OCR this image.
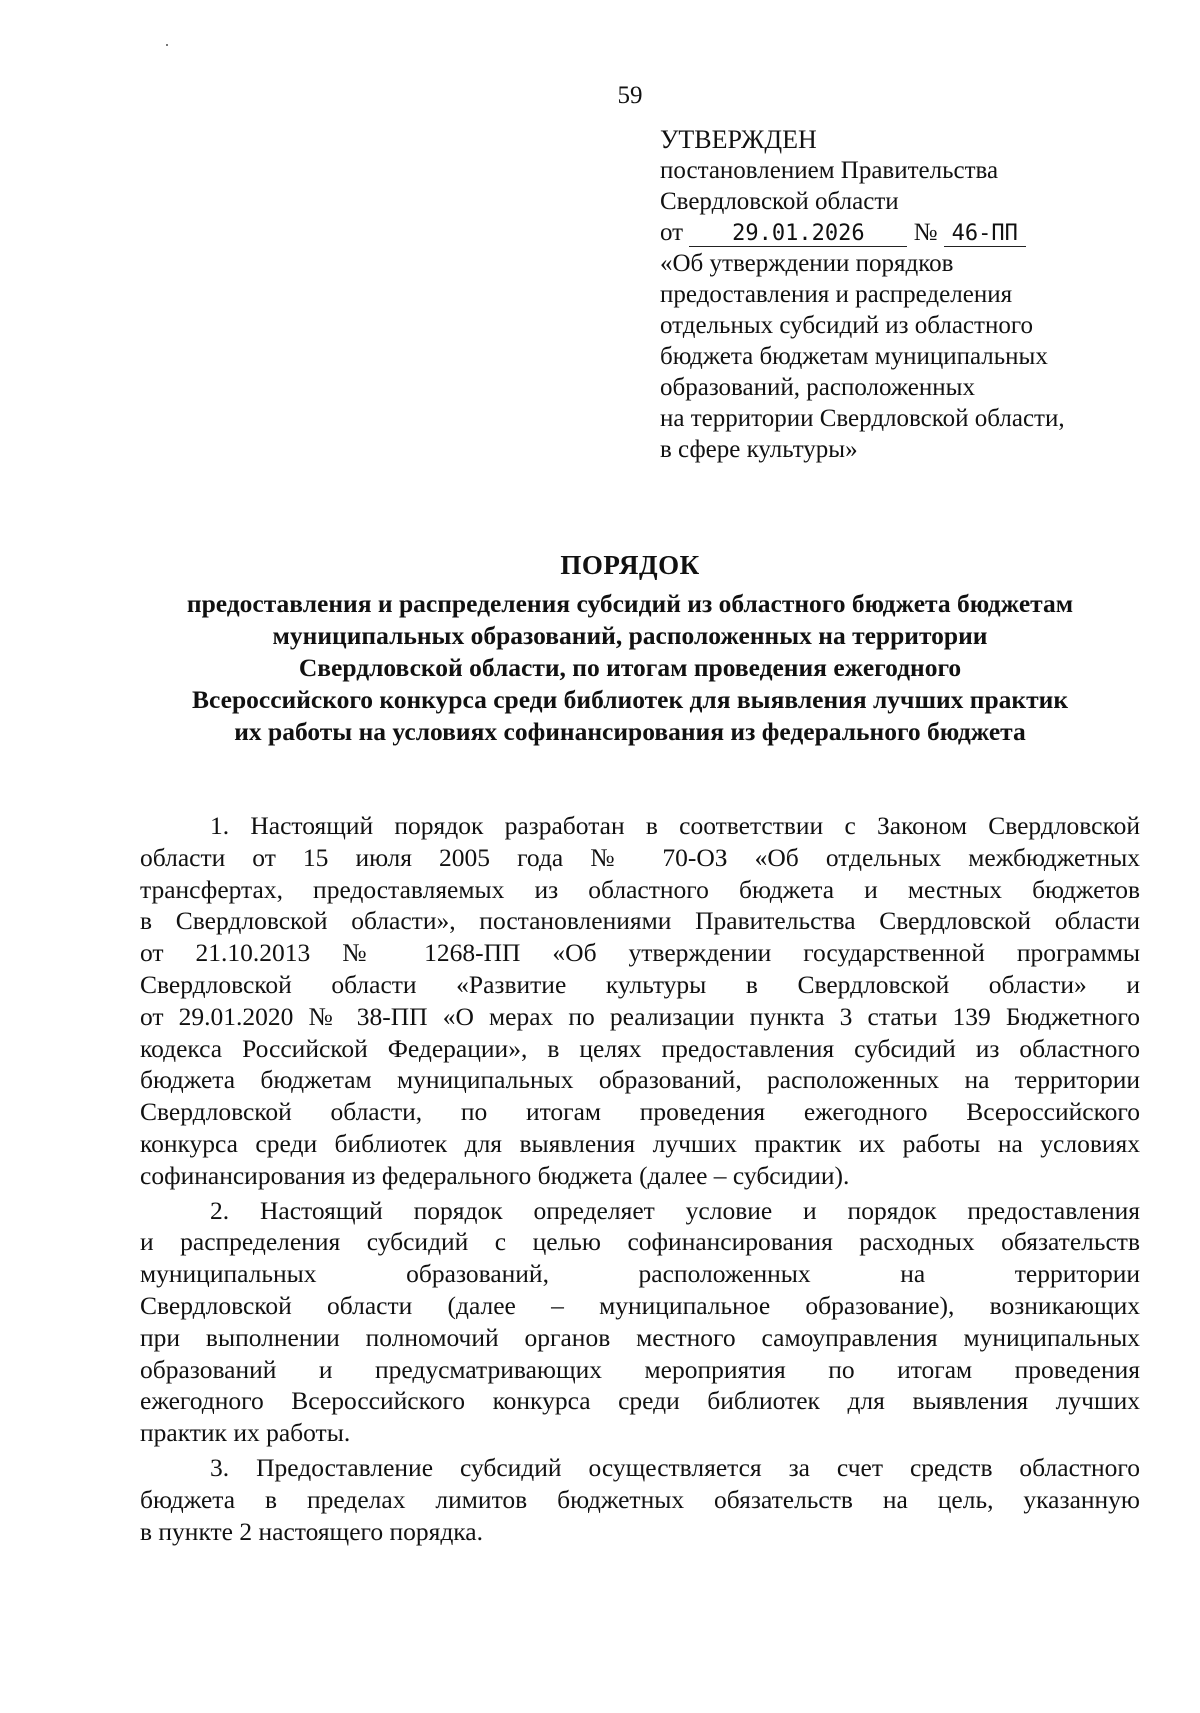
59
УТВЕРЖДЕН
постановлением Правительства
Свердловской области
от 29.01.2026 № 46-ПП
«Об утверждении порядков
предоставления и распределения
отдельных субсидий из областного
бюджета бюджетам муниципальных
образований, расположенных
на территории Свердловской области,
в сфере культуры»
ПОРЯДОК
предоставления и распределения субсидий из областного бюджета бюджетам
муниципальных образований, расположенных на территории
Свердловской области, по итогам проведения ежегодного
Всероссийского конкурса среди библиотек для выявления лучших практик
их работы на условиях софинансирования из федерального бюджета
1. Настоящий порядок разработан в соответствии с Законом Свердловской
области от 15 июля 2005 года № 70-ОЗ «Об отдельных межбюджетных
трансфертах, предоставляемых из областного бюджета и местных бюджетов
в Свердловской области», постановлениями Правительства Свердловской области
от 21.10.2013 № 1268-ПП «Об утверждении государственной программы
Свердловской области «Развитие культуры в Свердловской области» и
от 29.01.2020 № 38-ПП «О мерах по реализации пункта 3 статьи 139 Бюджетного
кодекса Российской Федерации», в целях предоставления субсидий из областного
бюджета бюджетам муниципальных образований, расположенных на территории
Свердловской области, по итогам проведения ежегодного Всероссийского
конкурса среди библиотек для выявления лучших практик их работы на условиях
софинансирования из федерального бюджета (далее – субсидии).
2. Настоящий порядок определяет условие и порядок предоставления
и распределения субсидий с целью софинансирования расходных обязательств
муниципальных образований, расположенных на территории
Свердловской области (далее – муниципальное образование), возникающих
при выполнении полномочий органов местного самоуправления муниципальных
образований и предусматривающих мероприятия по итогам проведения
ежегодного Всероссийского конкурса среди библиотек для выявления лучших
практик их работы.
3. Предоставление субсидий осуществляется за счет средств областного
бюджета в пределах лимитов бюджетных обязательств на цель, указанную
в пункте 2 настоящего порядка.
